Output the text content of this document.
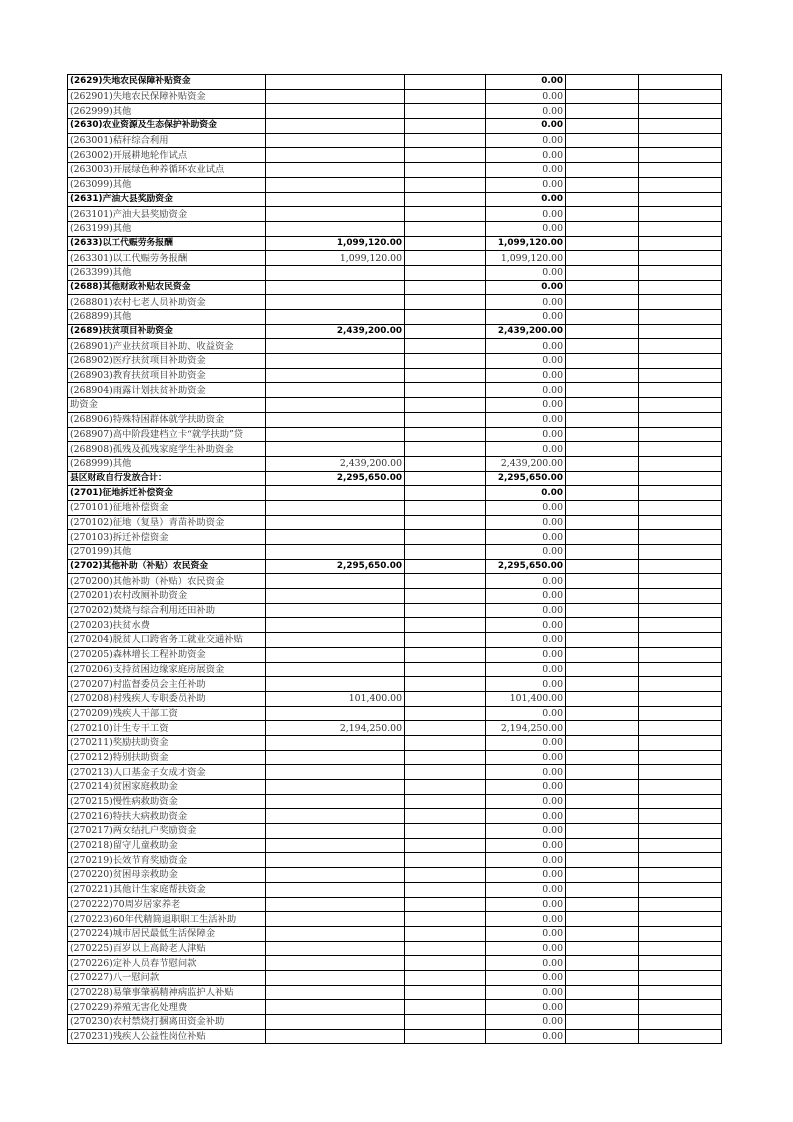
(2629)失地农民保障补贴资金			0.00		
(262901)失地农民保障补贴资金			0.00		
(262999)其他			0.00		
(2630)农业资源及生态保护补助资金			0.00		
(263001)秸秆综合利用			0.00		
(263002)开展耕地轮作试点			0.00		
(263003)开展绿色种养循环农业试点			0.00		
(263099)其他			0.00		
(2631)产油大县奖励资金			0.00		
(263101)产油大县奖励资金			0.00		
(263199)其他			0.00		
(2633)以工代赈劳务报酬	1,099,120.00		1,099,120.00		
(263301)以工代赈劳务报酬	1,099,120.00		1,099,120.00		
(263399)其他			0.00		
(2688)其他财政补贴农民资金			0.00		
(268801)农村七老人员补助资金			0.00		
(268899)其他			0.00		
(2689)扶贫项目补助资金	2,439,200.00		2,439,200.00		
(268901)产业扶贫项目补助、收益资金			0.00		
(268902)医疗扶贫项目补助资金			0.00		
(268903)教育扶贫项目补助资金			0.00		
(268904)雨露计划扶贫补助资金			0.00		
助资金			0.00		
(268906)特殊特困群体就学扶助资金			0.00		
(268907)高中阶段建档立卡“就学扶助”贷			0.00		
(268908)孤残及孤残家庭学生补助资金			0.00		
(268999)其他	2,439,200.00		2,439,200.00		
县区财政自行发放合计：	2,295,650.00		2,295,650.00		
(2701)征地拆迁补偿资金			0.00		
(270101)征地补偿资金			0.00		
(270102)征地（复垦）青苗补助资金			0.00		
(270103)拆迁补偿资金			0.00		
(270199)其他			0.00		
(2702)其他补助（补贴）农民资金	2,295,650.00		2,295,650.00		
(270200)其他补助（补贴）农民资金			0.00		
(270201)农村改厕补助资金			0.00		
(270202)焚烧与综合利用还田补助			0.00		
(270203)扶贫水费			0.00		
(270204)脱贫人口跨省务工就业交通补贴			0.00		
(270205)森林增长工程补助资金			0.00		
(270206)支持贫困边缘家庭房展资金			0.00		
(270207)村监督委员会主任补助			0.00		
(270208)村残疾人专职委员补助	101,400.00		101,400.00		
(270209)残疾人干部工资			0.00		
(270210)计生专干工资	2,194,250.00		2,194,250.00		
(270211)奖励扶助资金			0.00		
(270212)特别扶助资金			0.00		
(270213)人口基金子女成才资金			0.00		
(270214)贫困家庭救助金			0.00		
(270215)慢性病救助资金			0.00		
(270216)特扶大病救助资金			0.00		
(270217)两女结扎户奖励资金			0.00		
(270218)留守儿童救助金			0.00		
(270219)长效节育奖励资金			0.00		
(270220)贫困母亲救助金			0.00		
(270221)其他计生家庭帮扶资金			0.00		
(270222)70周岁居家养老			0.00		
(270223)60年代精简退职职工生活补助			0.00		
(270224)城市居民最低生活保障金			0.00		
(270225)百岁以上高龄老人津贴			0.00		
(270226)定补人员春节慰问款			0.00		
(270227)八一慰问款			0.00		
(270228)易肇事肇祸精神病监护人补贴			0.00		
(270229)养殖无害化处理费			0.00		
(270230)农村禁烧打捆离田资金补助			0.00		
(270231)残疾人公益性岗位补贴			0.00		
